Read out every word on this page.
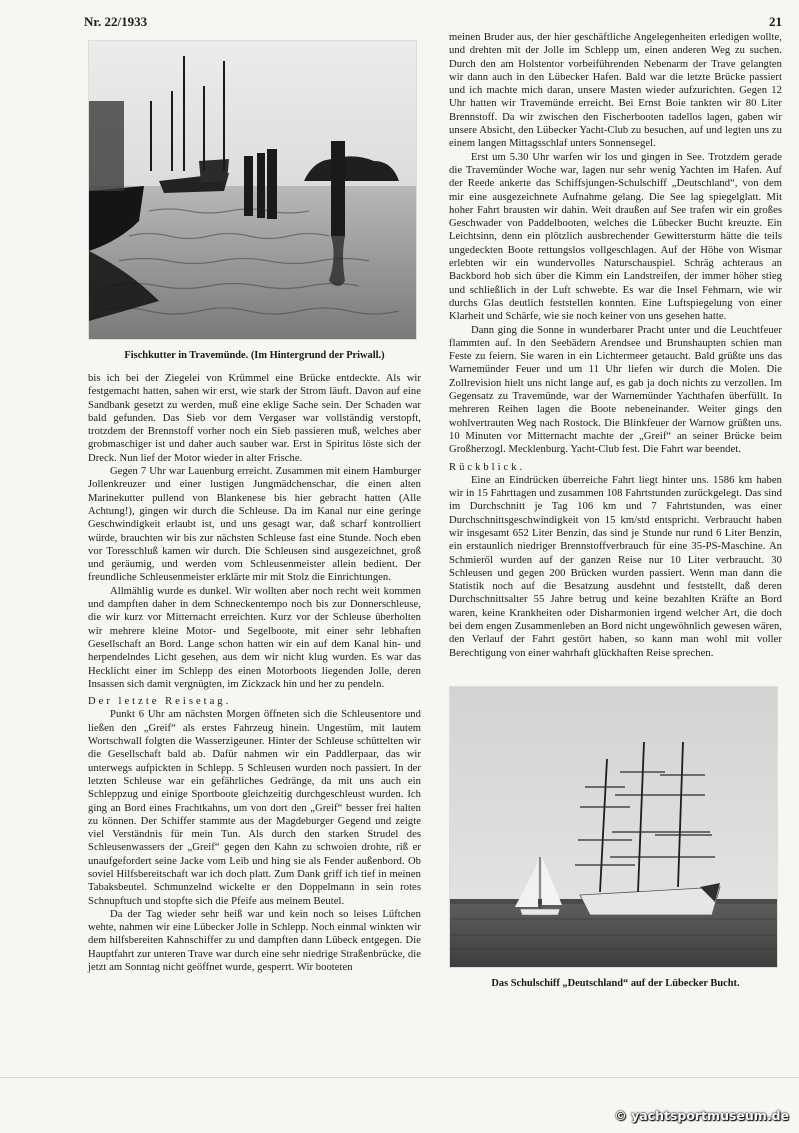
Nr. 22/1933	21
Fischkutter in Travemünde. (Im Hintergrund der Priwall.)

bis ich bei der Ziegelei von Krümmel eine Brücke entdeckte. Als wir festgemacht hatten, sahen wir erst, wie stark der Strom läuft. Davon auf eine Sandbank gesetzt zu werden, muß eine eklige Sache sein. Der Schaden war bald gefunden. Das Sieb vor dem Vergaser war vollständig verstopft, trotzdem der Brennstoff vorher noch ein Sieb passieren muß, welches aber grobmaschiger ist und daher auch sauber war. Erst in Spiritus löste sich der Dreck. Nun lief der Motor wieder in alter Frische.

Gegen 7 Uhr war Lauenburg erreicht. Zusammen mit einem Hamburger Jollenkreuzer und einer lustigen Jungmädchenschar, die einen alten Marinekutter pullend von Blankenese bis hier gebracht hatten (Alle Achtung!), gingen wir durch die Schleuse. Da im Kanal nur eine geringe Geschwindigkeit erlaubt ist, und uns gesagt war, daß scharf kontrolliert würde, brauchten wir bis zur nächsten Schleuse fast eine Stunde. Noch eben vor Toresschluß kamen wir durch. Die Schleusen sind ausgezeichnet, groß und geräumig, und werden vom Schleusenmeister allein bedient. Der freundliche Schleusenmeister erklärte mir mit Stolz die Einrichtungen.

Allmählig wurde es dunkel. Wir wollten aber noch recht weit kommen und dampften daher in dem Schneckentempo noch bis zur Donnerschleuse, die wir kurz vor Mitternacht erreichten. Kurz vor der Schleuse überholten wir mehrere kleine Motor- und Segelboote, mit einer sehr lebhaften Gesellschaft an Bord. Lange schon hatten wir ein auf dem Kanal hin- und herpendelndes Licht gesehen, aus dem wir nicht klug wurden. Es war das Hecklicht einer im Schlepp des einen Motorboots liegenden Jolle, deren Insassen sich damit vergnügten, im Zickzack hin und her zu pendeln.

Der letzte Reisetag.

Punkt 6 Uhr am nächsten Morgen öffneten sich die Schleusentore und ließen den „Greif“ als erstes Fahrzeug hinein. Ungestüm, mit lautem Wortschwall folgten die Wasserzigeuner. Hinter der Schleuse schüttelten wir die Gesellschaft bald ab. Dafür nahmen wir ein Paddlerpaar, das wir unterwegs aufpickten in Schlepp. 5 Schleusen wurden noch passiert. In der letzten Schleuse war ein gefährliches Gedränge, da mit uns auch ein Schleppzug und einige Sportboote gleichzeitig durchgeschleust wurden. Ich ging an Bord eines Frachtkahns, um von dort den „Greif“ besser frei halten zu können. Der Schiffer stammte aus der Magdeburger Gegend und zeigte viel Verständnis für mein Tun. Als durch den starken Strudel des Schleusenwassers der „Greif“ gegen den Kahn zu schwoien drohte, riß er unaufgefordert seine Jacke vom Leib und hing sie als Fender außenbord. Ob soviel Hilfsbereitschaft war ich doch platt. Zum Dank griff ich tief in meinen Tabaksbeutel. Schmunzelnd wickelte er den Doppelmann in sein rotes Schnupftuch und stopfte sich die Pfeife aus meinem Beutel.

Da der Tag wieder sehr heiß war und kein noch so leises Lüftchen wehte, nahmen wir eine Lübecker Jolle in Schlepp. Noch einmal winkten wir dem hilfsbereiten Kahnschiffer zu und dampften dann Lübeck entgegen. Die Hauptfahrt zur unteren Trave war durch eine sehr niedrige Straßenbrücke, die jetzt am Sonntag nicht geöffnet wurde, gesperrt. Wir booteten

meinen Bruder aus, der hier geschäftliche Angelegenheiten erledigen wollte, und drehten mit der Jolle im Schlepp um, einen anderen Weg zu suchen. Durch den am Holstentor vorbeiführenden Nebenarm der Trave gelangten wir dann auch in den Lübecker Hafen. Bald war die letzte Brücke passiert und ich machte mich daran, unsere Masten wieder aufzurichten. Gegen 12 Uhr hatten wir Travemünde erreicht. Bei Ernst Boie tankten wir 80 Liter Brennstoff. Da wir zwischen den Fischerbooten tadellos lagen, gaben wir unsere Absicht, den Lübecker Yacht-Club zu besuchen, auf und legten uns zu einem langen Mittagsschlaf unters Sonnensegel.

Erst um 5.30 Uhr warfen wir los und gingen in See. Trotzdem gerade die Travemünder Woche war, lagen nur sehr wenig Yachten im Hafen. Auf der Reede ankerte das Schiffsjungen-Schulschiff „Deutschland“, von dem mir eine ausgezeichnete Aufnahme gelang. Die See lag spiegelglatt. Mit hoher Fahrt brausten wir dahin. Weit draußen auf See trafen wir ein großes Geschwader von Paddelbooten, welches die Lübecker Bucht kreuzte. Ein Leichtsinn, denn ein plötzlich ausbrechender Gewittersturm hätte die teils ungedeckten Boote rettungslos vollgeschlagen. Auf der Höhe von Wismar erlebten wir ein wundervolles Naturschauspiel. Schräg achteraus an Backbord hob sich über die Kimm ein Landstreifen, der immer höher stieg und schließlich in der Luft schwebte. Es war die Insel Fehmarn, wie wir durchs Glas deutlich feststellen konnten. Eine Luftspiegelung von einer Klarheit und Schärfe, wie sie noch keiner von uns gesehen hatte.

Dann ging die Sonne in wunderbarer Pracht unter und die Leuchtfeuer flammten auf. In den Seebädern Arendsee und Brunshaupten schien man Feste zu feiern. Sie waren in ein Lichtermeer getaucht. Bald grüßte uns das Warnemünder Feuer und um 11 Uhr liefen wir durch die Molen. Die Zollrevision hielt uns nicht lange auf, es gab ja doch nichts zu verzollen. Im Gegensatz zu Travemünde, war der Warnemünder Yachthafen überfüllt. In mehreren Reihen lagen die Boote nebeneinander. Weiter gings den wohlvertrauten Weg nach Rostock. Die Blinkfeuer der Warnow grüßten uns. 10 Minuten vor Mitternacht machte der „Greif“ an seiner Brücke beim Großherzogl. Mecklenburg. Yacht-Club fest. Die Fahrt war beendet.

Rückblick.

Eine an Eindrücken überreiche Fahrt liegt hinter uns. 1586 km haben wir in 15 Fahrttagen und zusammen 108 Fahrtstunden zurückgelegt. Das sind im Durchschnitt je Tag 106 km und 7 Fahrtstunden, was einer Durchschnittsgeschwindigkeit von 15 km/std entspricht. Verbraucht haben wir insgesamt 652 Liter Benzin, das sind je Stunde nur rund 6 Liter Benzin, ein erstaunlich niedriger Brennstoffverbrauch für eine 35-PS-Maschine. An Schmieröl wurden auf der ganzen Reise nur 10 Liter verbraucht. 30 Schleusen und gegen 200 Brücken wurden passiert. Wenn man dann die Statistik noch auf die Besatzung ausdehnt und feststellt, daß deren Durchschnittsalter 55 Jahre betrug und keine bezahlten Kräfte an Bord waren, keine Krankheiten oder Disharmonien irgend welcher Art, die doch bei dem engen Zusammenleben an Bord nicht ungewöhnlich gewesen wären, den Verlauf der Fahrt gestört haben, so kann man wohl mit voller Berechtigung von einer wahrhaft glückhaften Reise sprechen.

Das Schulschiff „Deutschland“ auf der Lübecker Bucht.
© yachtsportmuseum.de
